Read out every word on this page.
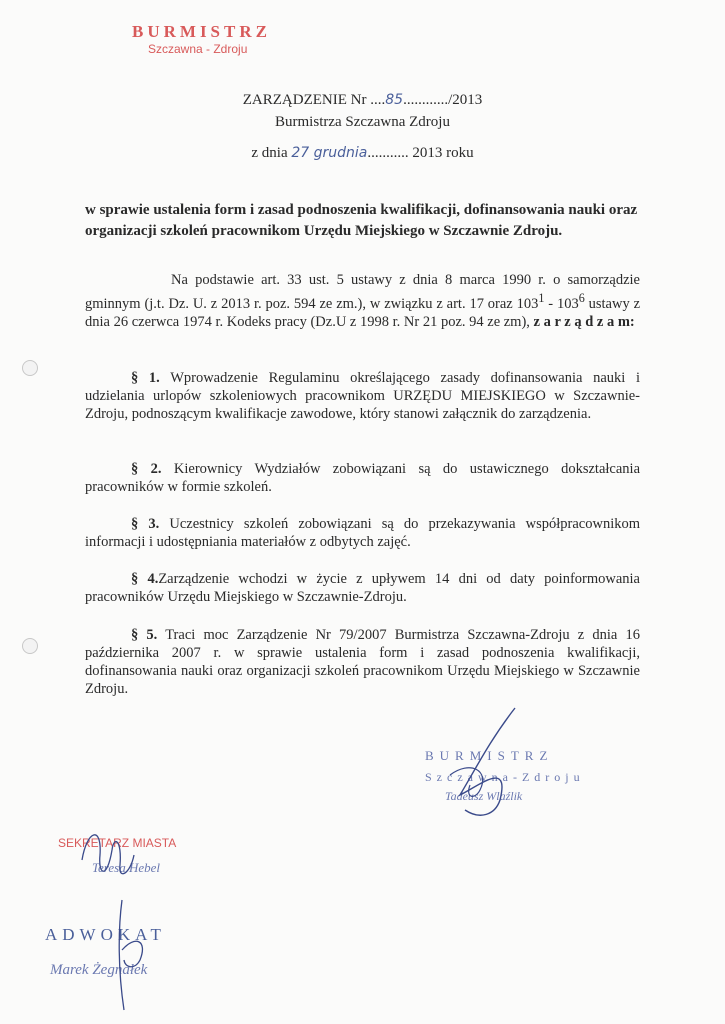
BURMISTRZ
Szczawna - Zdroju
ZARZĄDZENIE Nr ....85............/2013
Burmistrza Szczawna Zdroju
z dnia 27 grudnia........... 2013 roku
w sprawie ustalenia form i zasad podnoszenia kwalifikacji, dofinansowania nauki oraz organizacji szkoleń pracownikom Urzędu Miejskiego w Szczawnie Zdroju.
Na podstawie art. 33 ust. 5 ustawy z dnia 8 marca 1990 r. o samorządzie gminnym (j.t. Dz. U. z 2013 r. poz. 594 ze zm.), w związku z art. 17 oraz $103^1 - 103^6$ ustawy z dnia 26 czerwca 1974 r. Kodeks pracy (Dz.U z 1998 r. Nr 21 poz. 94 ze zm), z a r z ą d z a m:
§ 1. Wprowadzenie Regulaminu określającego zasady dofinansowania nauki i udzielania urlopów szkoleniowych pracownikom URZĘDU MIEJSKIEGO w Szczawnie- Zdroju, podnoszącym kwalifikacje zawodowe, który stanowi załącznik do zarządzenia.
§ 2. Kierownicy Wydziałów zobowiązani są do ustawicznego dokształcania pracowników w formie szkoleń.
§ 3. Uczestnicy szkoleń zobowiązani są do przekazywania współpracownikom informacji i udostępniania materiałów z odbytych zajęć.
§ 4.Zarządzenie wchodzi w życie z upływem 14 dni od daty poinformowania pracowników Urzędu Miejskiego w Szczawnie-Zdroju.
§ 5. Traci moc Zarządzenie Nr 79/2007 Burmistrza Szczawna-Zdroju z dnia 16 października 2007 r. w sprawie ustalenia form i zasad podnoszenia kwalifikacji, dofinansowania nauki oraz organizacji szkoleń pracownikom Urzędu Miejskiego w Szczawnie Zdroju.
BURMISTRZ
Szczawna-Zdroju
Tadeusz Wlaźlik
SEKRETARZ MIASTA
Teresa Hebel
ADWOKAT
Marek Żegnałek
